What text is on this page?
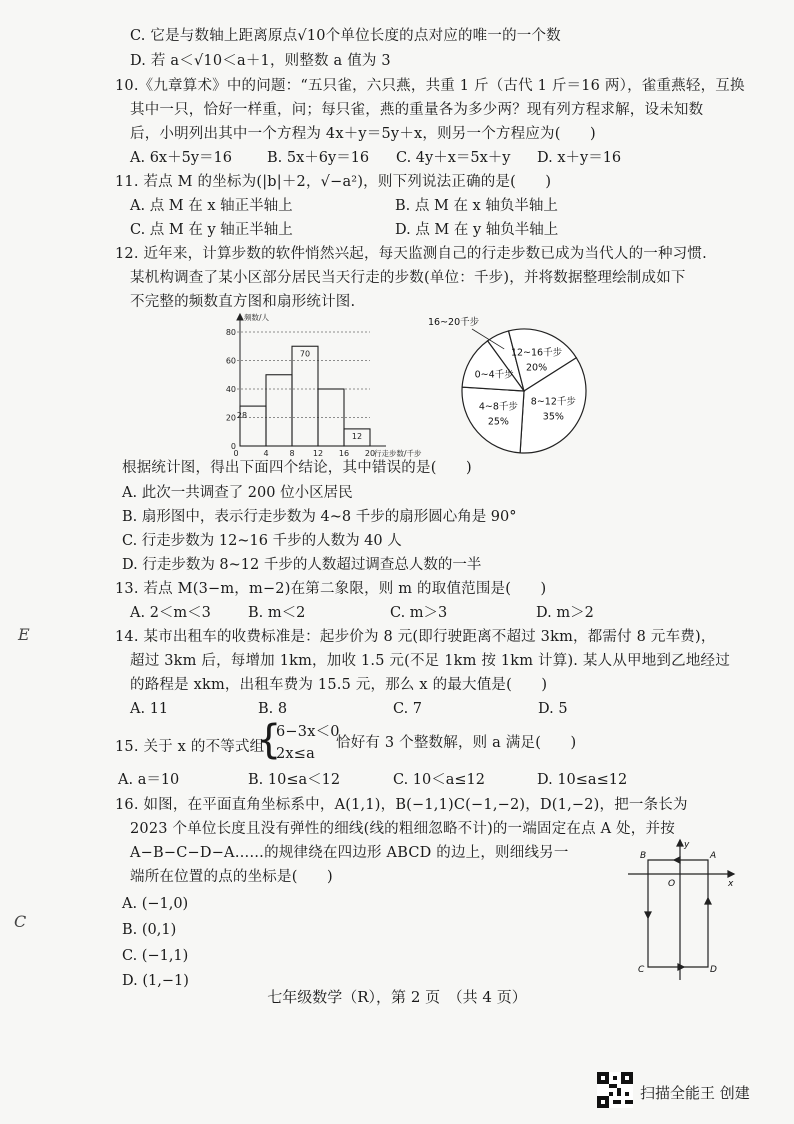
C. 它是与数轴上距离原点√10个单位长度的点对应的唯一的一个数
D. 若 a＜√10＜a＋1，则整数 a 值为 3
10.《九章算术》中的问题：“五只雀，六只燕，共重 1 斤（古代 1 斤＝16 两），雀重燕轻，互换
其中一只，恰好一样重，问；每只雀，燕的重量各为多少两？现有列方程求解，设未知数
后，小明列出其中一个方程为 4x＋y＝5y＋x，则另一个方程应为(　　)
A. 6x＋5y＝16 B. 5x＋6y＝16 C. 4y＋x＝5x＋y D. x＋y＝16
11. 若点 M 的坐标为(|b|＋2，√−a²)，则下列说法正确的是(　　)
A. 点 M 在 x 轴正半轴上	B. 点 M 在 x 轴负半轴上
C. 点 M 在 y 轴正半轴上	D. 点 M 在 y 轴负半轴上
12. 近年来，计算步数的软件悄然兴起，每天监测自己的行走步数已成为当代人的一种习惯.
某机构调查了某小区部分居民当天行走的步数(单位：千步)，并将数据整理绘制成如下
不完整的频数直方图和扇形统计图.
0
20
40
60
80
28
70
12
0	4	8 12 16 20
频数/人
行走步数/千步
16~20千步
12~16千步
20%
8~12千步
35%
4~8千步
25%
0~4千步
根据统计图，得出下面四个结论，其中错误的是(　　)
A. 此次一共调查了 200 位小区居民
B. 扇形图中，表示行走步数为 4~8 千步的扇形圆心角是 90°
C. 行走步数为 12~16 千步的人数为 40 人
D. 行走步数为 8~12 千步的人数超过调查总人数的一半
13. 若点 M(3−m，m−2)在第二象限，则 m 的取值范围是(　　)
A. 2＜m＜3	B. m＜2	C. m＞3	D. m＞2
E	14. 某市出租车的收费标准是：起步价为 8 元(即行驶距离不超过 3km，都需付 8 元车费)，
超过 3km 后，每增加 1km，加收 1.5 元(不足 1km 按 1km 计算). 某人从甲地到乙地经过
的路程是 xkm，出租车费为 15.5 元，那么 x 的最大值是(　　)
A. 11	B. 8	C. 7	D. 5
15. 关于 x 的不等式组
{
6−3x＜0
2x≤a
恰好有 3 个整数解，则 a 满足(　　)
A. a＝10	B. 10≤a＜12	C. 10＜a≤12	D. 10≤a≤12
16. 如图，在平面直角坐标系中，A(1,1)，B(−1,1)C(−1,−2)，D(1,−2)，把一条长为
2023 个单位长度且没有弹性的细线(线的粗细忽略不计)的一端固定在点 A 处，并按
A−B−C−D−A……的规律绕在四边形 ABCD 的边上，则细线另一
端所在位置的点的坐标是(　　)
A. (−1,0)
B. (0,1)
C. (−1,1)
D. (1,−1)
C
A
B
C	D
O	x
y
七年级数学（R），第 2 页　（共 4 页）
扫描全能王 创建
